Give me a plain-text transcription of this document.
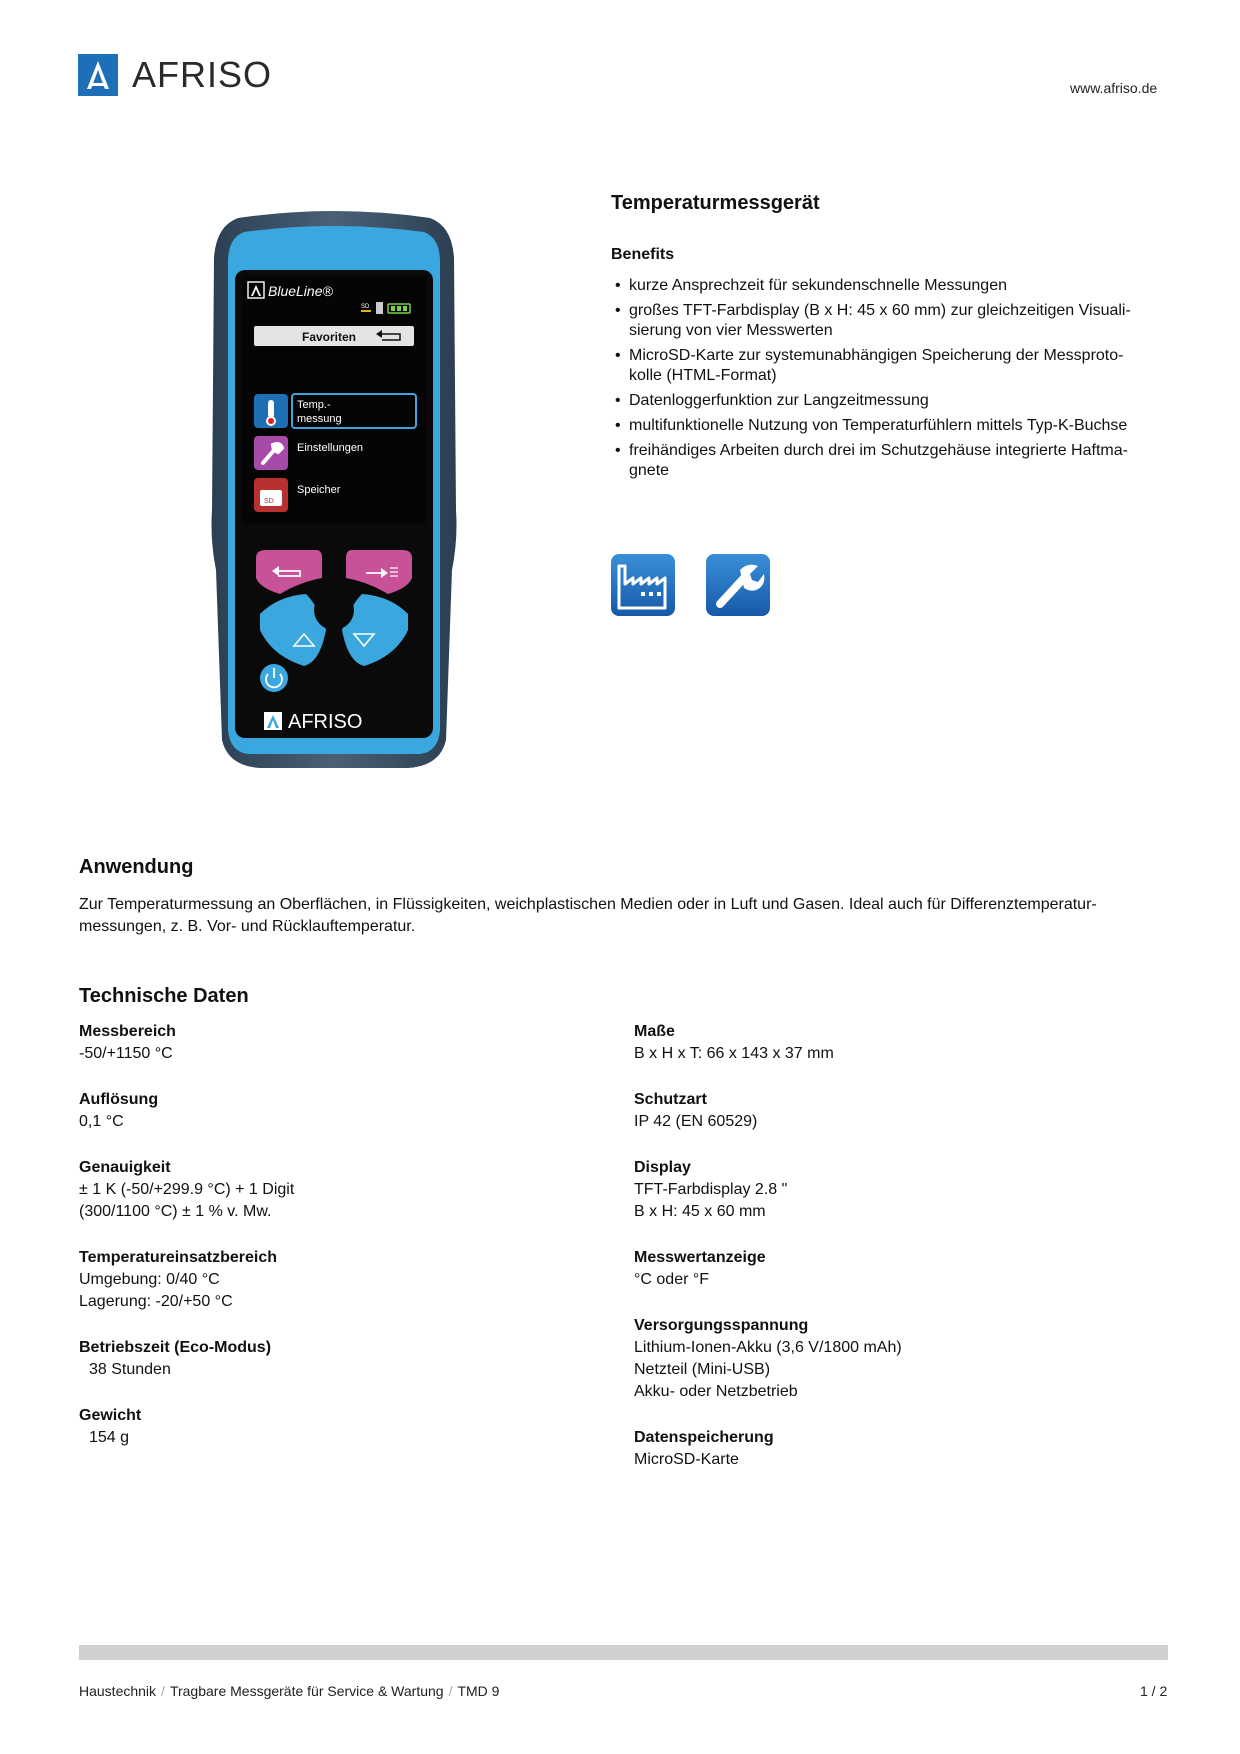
AFRISO	www.afriso.de
BlueLine®
SD
Favoriten
Temp.-
messung
Einstellungen
SD
Speicher
AFRISO
Temperaturmessgerät
Benefits
• kurze Ansprechzeit für sekundenschnelle Messungen
• großes TFT-Farbdisplay (B x H: 45 x 60 mm) zur gleichzeitigen Visuali-
sierung von vier Messwerten
• MicroSD-Karte zur systemunabhängigen Speicherung der Messproto-
kolle (HTML-Format)
• Datenloggerfunktion zur Langzeitmessung
• multifunktionelle Nutzung von Temperaturfühlern mittels Typ-K-Buchse
• freihändiges Arbeiten durch drei im Schutzgehäuse integrierte Haftma-
gnete
Anwendung
Zur Temperaturmessung an Oberflächen, in Flüssigkeiten, weichplastischen Medien oder in Luft und Gasen. Ideal auch für Differenztemperatur-
messungen, z. B. Vor- und Rücklauftemperatur.
Technische Daten
Messbereich
-50/+1150 °C
Auflösung
0,1 °C
Genauigkeit
± 1 K (-50/+299.9 °C) + 1 Digit
(300/1100 °C) ± 1 % v. Mw.
Temperatureinsatzbereich
Umgebung: 0/40 °C
Lagerung: -20/+50 °C
Betriebszeit (Eco-Modus)
38 Stunden
Gewicht
154 g
Maße
B x H x T: 66 x 143 x 37 mm
Schutzart
IP 42 (EN 60529)
Display
TFT-Farbdisplay 2.8 "
B x H: 45 x 60 mm
Messwertanzeige
°C oder °F
Versorgungsspannung
Lithium-Ionen-Akku (3,6 V/1800 mAh)
Netzteil (Mini-USB)
Akku- oder Netzbetrieb
Datenspeicherung
MicroSD-Karte
Haustechnik / Tragbare Messgeräte für Service & Wartung / TMD 9	1 / 2
